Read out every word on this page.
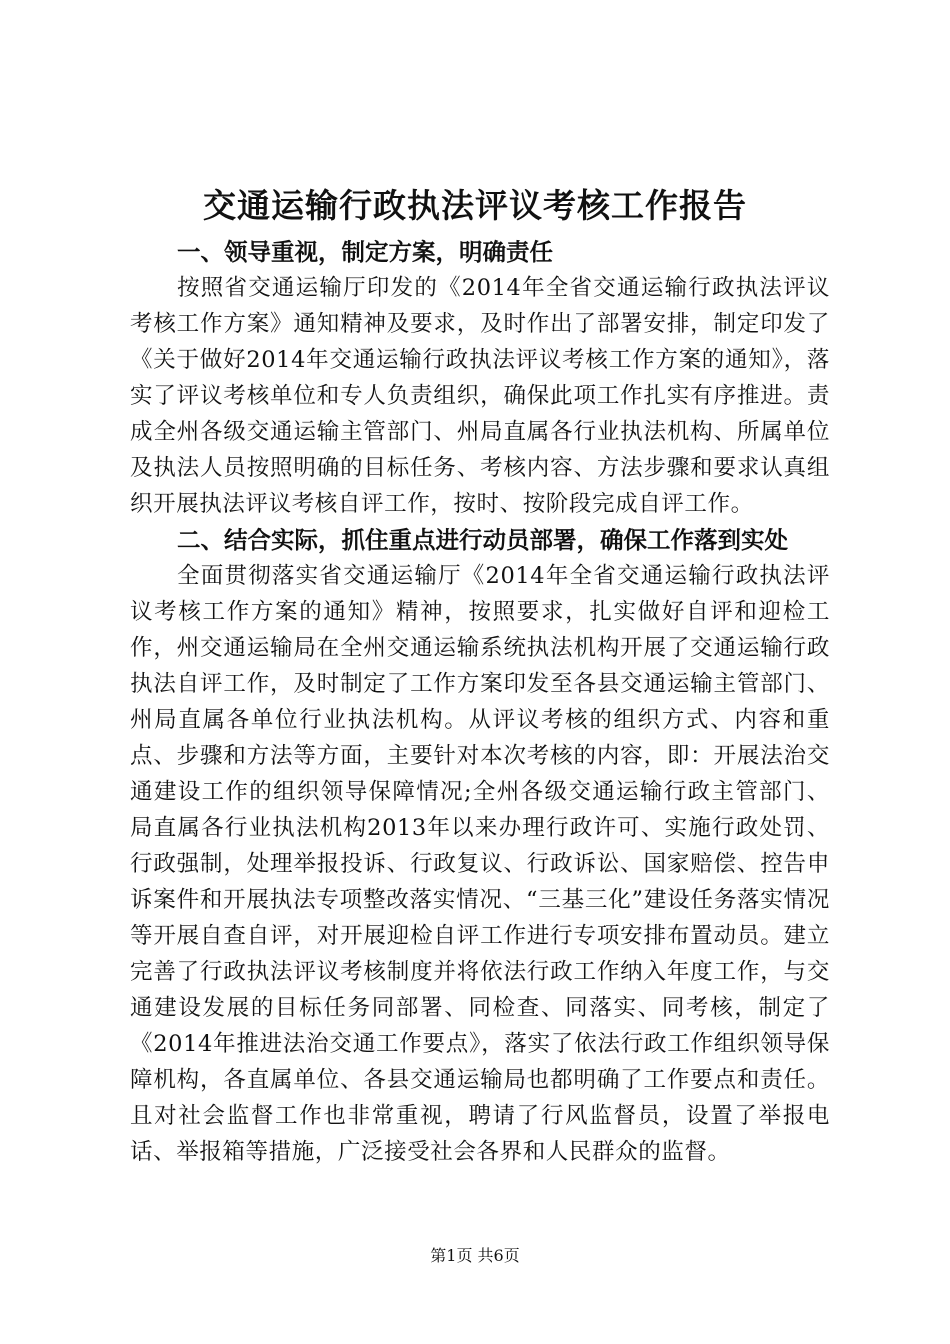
交通运输行政执法评议考核工作报告

一、领导重视，制定方案，明确责任

按照省交通运输厅印发的《2014年全省交通运输行政执法评议考核工作方案》通知精神及要求，及时作出了部署安排，制定印发了《关于做好2014年交通运输行政执法评议考核工作方案的通知》，落实了评议考核单位和专人负责组织，确保此项工作扎实有序推进。责成全州各级交通运输主管部门、州局直属各行业执法机构、所属单位及执法人员按照明确的目标任务、考核内容、方法步骤和要求认真组织开展执法评议考核自评工作，按时、按阶段完成自评工作。

二、结合实际，抓住重点进行动员部署，确保工作落到实处

全面贯彻落实省交通运输厅《2014年全省交通运输行政执法评议考核工作方案的通知》精神，按照要求，扎实做好自评和迎检工作，州交通运输局在全州交通运输系统执法机构开展了交通运输行政执法自评工作，及时制定了工作方案印发至各县交通运输主管部门、州局直属各单位行业执法机构。从评议考核的组织方式、内容和重点、步骤和方法等方面，主要针对本次考核的内容，即：开展法治交通建设工作的组织领导保障情况;全州各级交通运输行政主管部门、局直属各行业执法机构2013年以来办理行政许可、实施行政处罚、行政强制，处理举报投诉、行政复议、行政诉讼、国家赔偿、控告申诉案件和开展执法专项整改落实情况、“三基三化”建设任务落实情况等开展自查自评，对开展迎检自评工作进行专项安排布置动员。建立完善了行政执法评议考核制度并将依法行政工作纳入年度工作，与交通建设发展的目标任务同部署、同检查、同落实、同考核，制定了《2014年推进法治交通工作要点》，落实了依法行政工作组织领导保障机构，各直属单位、各县交通运输局也都明确了工作要点和责任。且对社会监督工作也非常重视，聘请了行风监督员，设置了举报电话、举报箱等措施，广泛接受社会各界和人民群众的监督。

第1页 共6页
